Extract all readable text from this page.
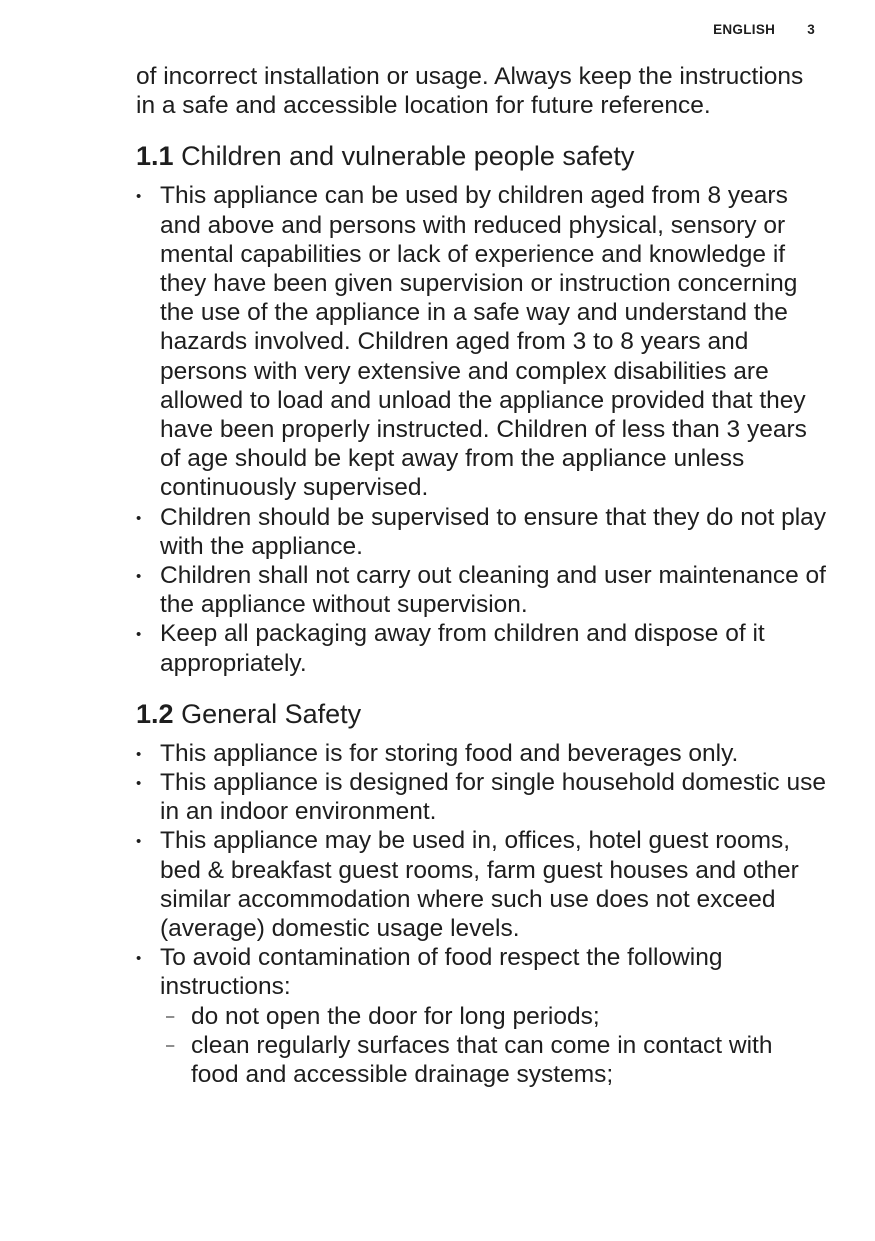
ENGLISH 3

of incorrect installation or usage. Always keep the instructions in a safe and accessible location for future reference.

1.1 Children and vulnerable people safety
• This appliance can be used by children aged from 8 years and above and persons with reduced physical, sensory or mental capabilities or lack of experience and knowledge if they have been given supervision or instruction concerning the use of the appliance in a safe way and understand the hazards involved. Children aged from 3 to 8 years and persons with very extensive and complex disabilities are allowed to load and unload the appliance provided that they have been properly instructed. Children of less than 3 years of age should be kept away from the appliance unless continuously supervised.
• Children should be supervised to ensure that they do not play with the appliance.
• Children shall not carry out cleaning and user maintenance of the appliance without supervision.
• Keep all packaging away from children and dispose of it appropriately.
1.2 General Safety
• This appliance is for storing food and beverages only.
• This appliance is designed for single household domestic use in an indoor environment.
• This appliance may be used in, offices, hotel guest rooms, bed & breakfast guest rooms, farm guest houses and other similar accommodation where such use does not exceed (average) domestic usage levels.
• To avoid contamination of food respect the following instructions:
– do not open the door for long periods;
– clean regularly surfaces that can come in contact with food and accessible drainage systems;
